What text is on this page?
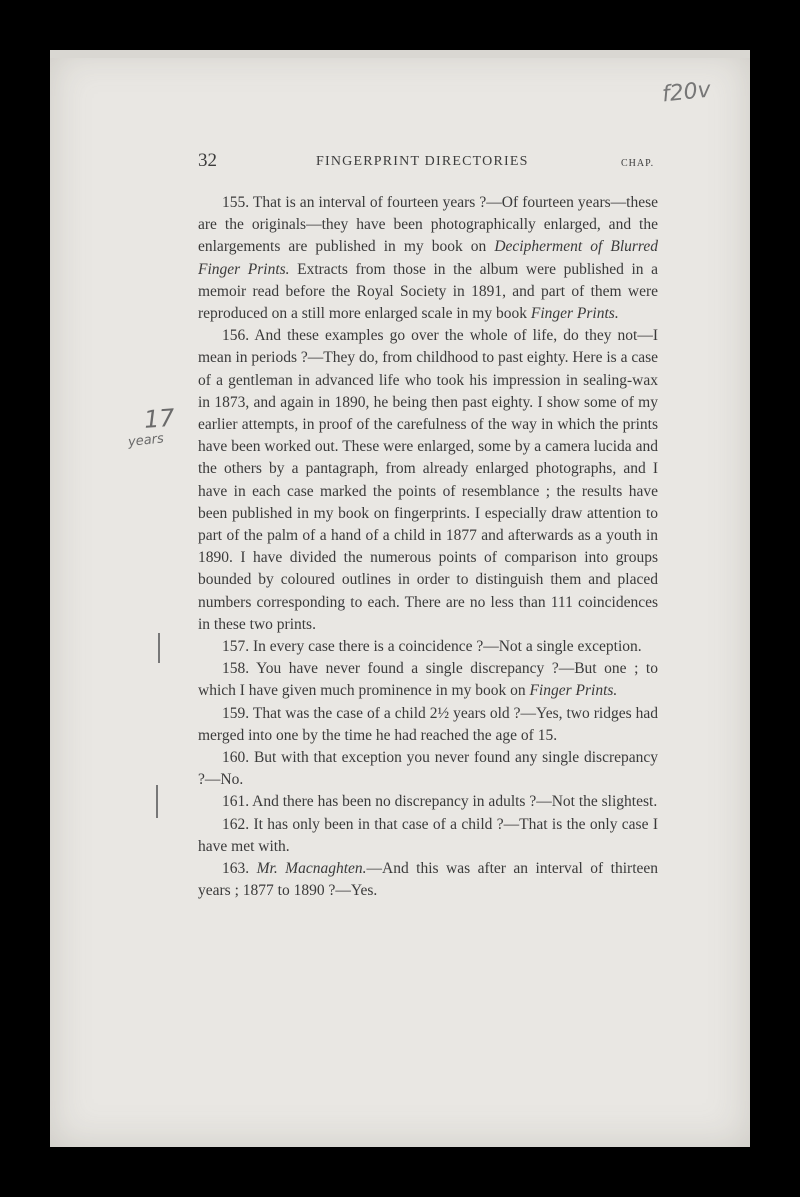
f20v
32	FINGERPRINT DIRECTORIES	CHAP.
17
years

155. That is an interval of fourteen years ?—Of fourteen years—these are the originals—they have been photographically enlarged, and the enlargements are published in my book on Decipherment of Blurred Finger Prints. Extracts from those in the album were published in a memoir read before the Royal Society in 1891, and part of them were reproduced on a still more enlarged scale in my book Finger Prints.

156. And these examples go over the whole of life, do they not—I mean in periods ?—They do, from childhood to past eighty. Here is a case of a gentleman in advanced life who took his impression in sealing-wax in 1873, and again in 1890, he being then past eighty. I show some of my earlier attempts, in proof of the carefulness of the way in which the prints have been worked out. These were enlarged, some by a camera lucida and the others by a pantagraph, from already enlarged photographs, and I have in each case marked the points of resemblance ; the results have been published in my book on fingerprints. I especially draw attention to part of the palm of a hand of a child in 1877 and afterwards as a youth in 1890. I have divided the numerous points of comparison into groups bounded by coloured outlines in order to distinguish them and placed numbers corresponding to each. There are no less than 111 coincidences in these two prints.

157. In every case there is a coincidence ?—Not a single exception.

158. You have never found a single discrepancy ?—But one ; to which I have given much prominence in my book on Finger Prints.

159. That was the case of a child 2½ years old ?—Yes, two ridges had merged into one by the time he had reached the age of 15.

160. But with that exception you never found any single discrepancy ?—No.

161. And there has been no discrepancy in adults ?—Not the slightest.

162. It has only been in that case of a child ?—That is the only case I have met with.

163. Mr. Macnaghten.—And this was after an interval of thirteen years ; 1877 to 1890 ?—Yes.
